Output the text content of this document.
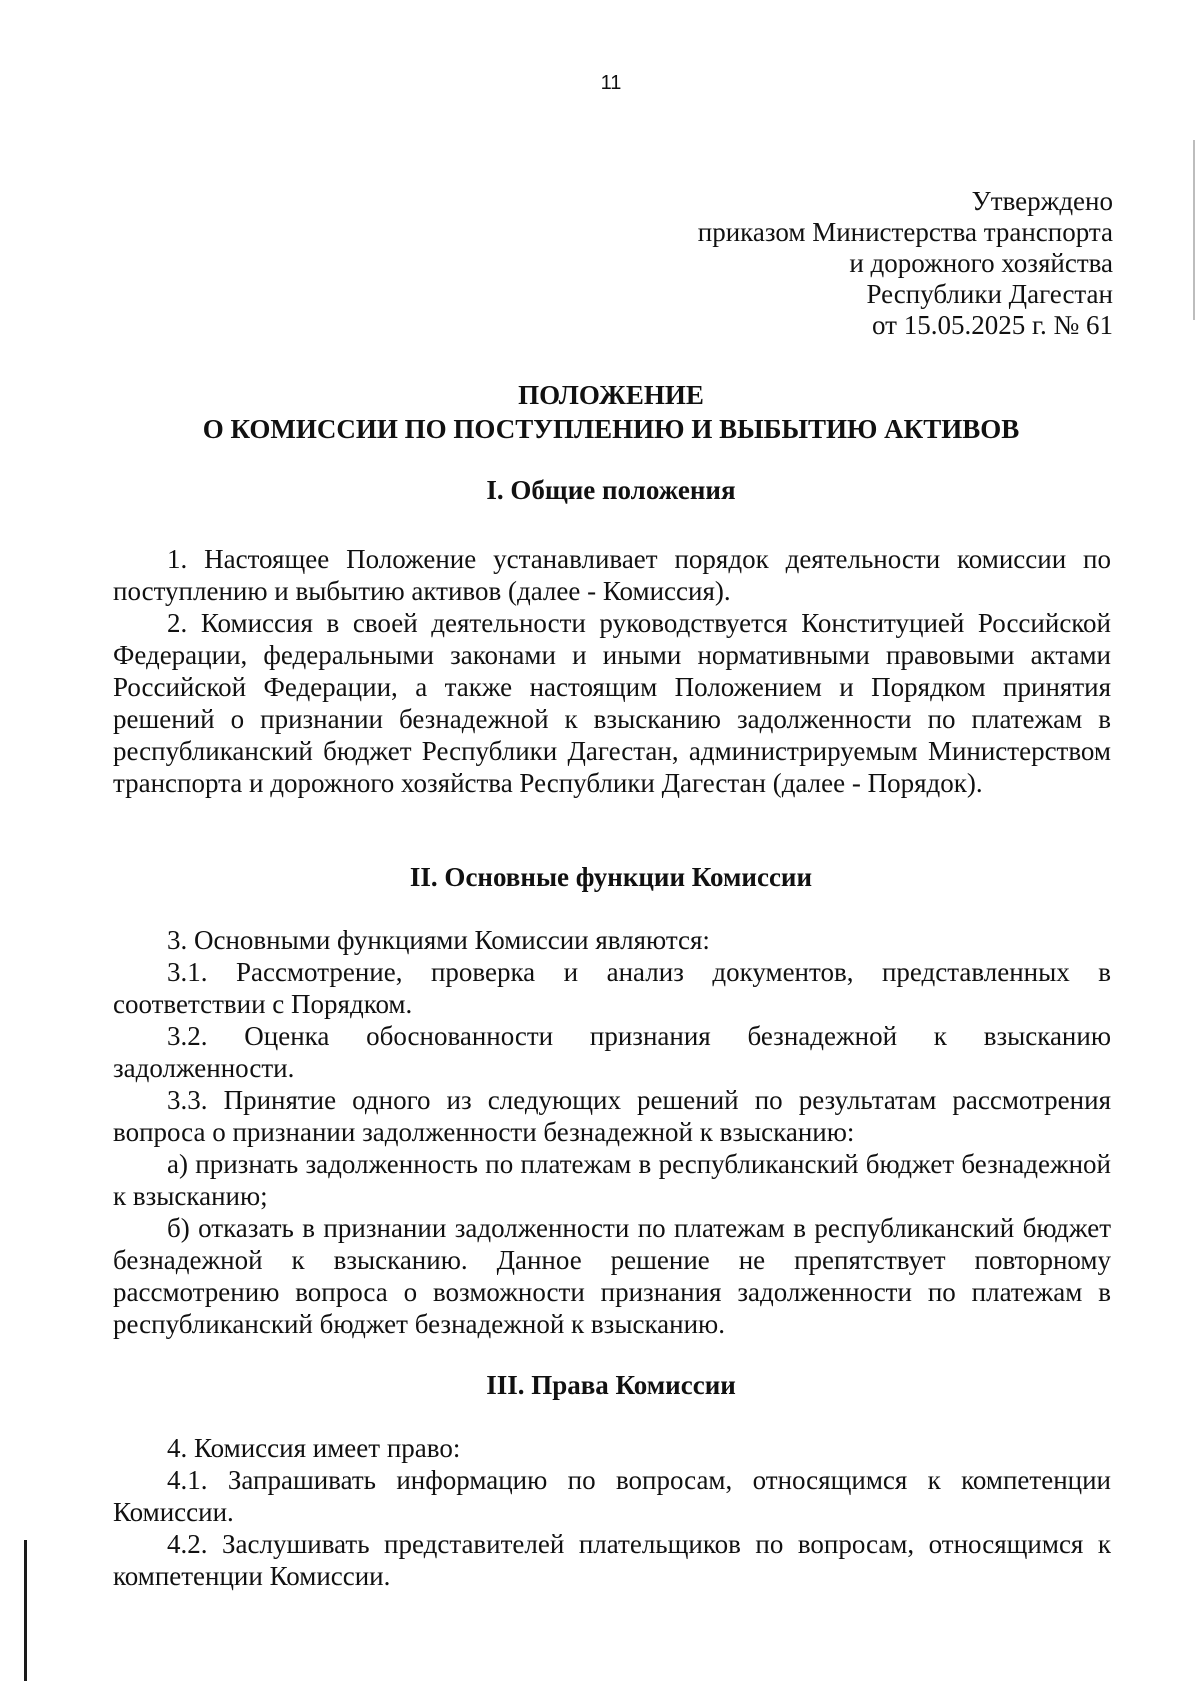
11
Утверждено
приказом Министерства транспорта
и дорожного хозяйства
Республики Дагестан
от 15.05.2025 г. № 61
ПОЛОЖЕНИЕ
О КОМИССИИ ПО ПОСТУПЛЕНИЮ И ВЫБЫТИЮ АКТИВОВ
I. Общие положения

1. Настоящее Положение устанавливает порядок деятельности комиссии по поступлению и выбытию активов (далее - Комиссия).

2. Комиссия в своей деятельности руководствуется Конституцией Российской Федерации, федеральными законами и иными нормативными правовыми актами Российской Федерации, а также настоящим Положением и Порядком принятия решений о признании безнадежной к взысканию задолженности по платежам в республиканский бюджет Республики Дагестан, администрируемым Министерством транспорта и дорожного хозяйства Республики Дагестан (далее - Порядок).

II. Основные функции Комиссии

3. Основными функциями Комиссии являются:

3.1. Рассмотрение, проверка и анализ документов, представленных в соответствии с Порядком.

3.2. Оценка обоснованности признания безнадежной к взысканию задолженности.

3.3. Принятие одного из следующих решений по результатам рассмотрения вопроса о признании задолженности безнадежной к взысканию:

а) признать задолженность по платежам в республиканский бюджет безнадежной к взысканию;

б) отказать в признании задолженности по платежам в республиканский бюджет безнадежной к взысканию. Данное решение не препятствует повторному рассмотрению вопроса о возможности признания задолженности по платежам в республиканский бюджет безнадежной к взысканию.

III. Права Комиссии

4. Комиссия имеет право:

4.1. Запрашивать информацию по вопросам, относящимся к компетенции Комиссии.

4.2. Заслушивать представителей плательщиков по вопросам, относящимся к компетенции Комиссии.
